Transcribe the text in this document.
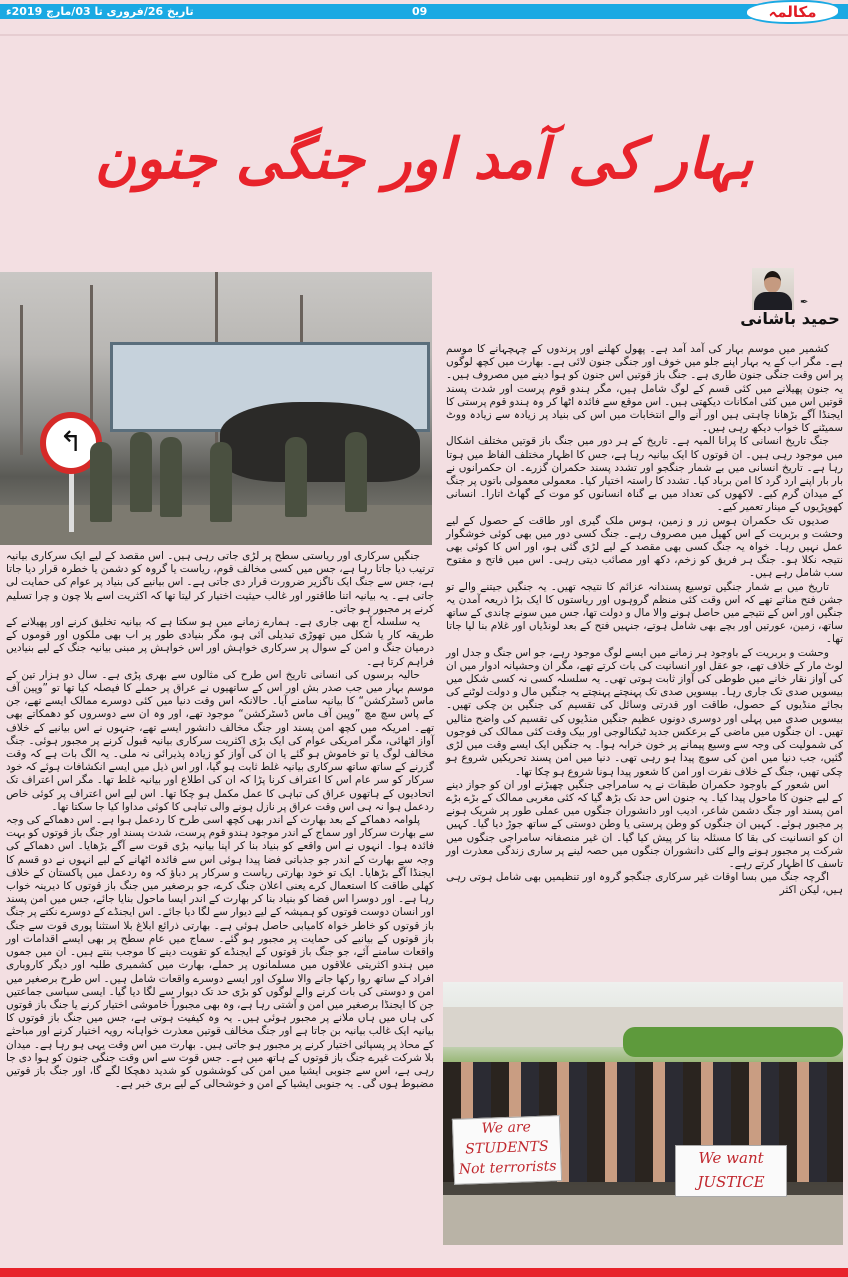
تاریخ 26/فروری تا 03/مارچ 2019ء	09	مکالمہ
بہار کی آمد اور جنگی جنون
↰
✒
حمید باشانی

کشمیر میں موسم بہار کی آمد آمد ہے۔ پھول کھلنے اور پرندوں کے چہچہانے کا موسم ہے۔ مگر اب کے یہ بہار اپنے جلو میں خوف اور جنگی جنون لائی ہے۔ بھارت میں کچھ لوگوں پر اس وقت جنگی جنون طاری ہے۔ جنگ باز قوتیں اس جنون کو ہوا دینے میں مصروف ہیں۔ یہ جنون پھیلانے میں کئی قسم کے لوگ شامل ہیں، مگر ہندو قوم پرست اور شدت پسند قوتیں اس میں کئی امکانات دیکھتی ہیں۔ اس موقع سے فائدہ اٹھا کر وہ ہندو قوم پرستی کا ایجنڈا آگے بڑھانا چاہتی ہیں اور آنے والے انتخابات میں اس کی بنیاد پر زیادہ سے زیادہ ووٹ سمیٹنے کا خواب دیکھ رہی ہیں۔

جنگ تاریخ انسانی کا پرانا المیہ ہے۔ تاریخ کے ہر دور میں جنگ باز قوتیں مختلف اشکال میں موجود رہی ہیں۔ ان قوتوں کا ایک بیانیہ رہا ہے، جس کا اظہار مختلف الفاظ میں ہوتا رہا ہے۔ تاریخ انسانی میں بے شمار جنگجو اور تشدد پسند حکمران گزرے۔ ان حکمرانوں نے بار بار اپنے ارد گرد کا امن برباد کیا۔ تشدد کا راستہ اختیار کیا۔ معمولی معمولی باتوں پر جنگ کے میدان گرم کیے۔ لاکھوں کی تعداد میں بے گناہ انسانوں کو موت کے گھاٹ اتارا۔ انسانی کھوپڑیوں کے مینار تعمیر کیے۔

صدیوں تک حکمران ہوس زر و زمین، ہوس ملک گیری اور طاقت کے حصول کے لیے وحشت و بربریت کے اس کھیل میں مصروف رہے۔ جنگ کسی دور میں بھی کوئی خوشگوار عمل نہیں رہا۔ خواہ یہ جنگ کسی بھی مقصد کے لیے لڑی گئی ہو، اور اس کا کوئی بھی نتیجہ نکلا ہو۔ جنگ ہر فریق کو زخم، دکھ اور مصائب دیتی رہی۔ اس میں فاتح و مفتوح سب شامل رہے ہیں۔

تاریخ میں بے شمار جنگیں توسیع پسندانہ عزائم کا نتیجہ تھیں۔ یہ جنگیں جیتنے والے تو جشن فتح مناتے تھے کہ اس وقت کئی منظم گروہوں اور ریاستوں کا ایک بڑا ذریعہ آمدن یہ جنگیں اور اس کے نتیجے میں حاصل ہونے والا مال و دولت تھا، جس میں سونے چاندی کے ساتھ ساتھ، زمین، عورتیں اور بچے بھی شامل ہوتے، جنہیں فتح کے بعد لونڈیاں اور غلام بنا لیا جاتا تھا۔

وحشت و بربریت کے باوجود ہر زمانے میں ایسے لوگ موجود رہے، جو اس جنگ و جدل اور لوٹ مار کے خلاف تھے، جو عقل اور انسانیت کی بات کرتے تھے، مگر ان وحشیانہ ادوار میں ان کی آواز نقار خانے میں طوطی کی آواز ثابت ہوتی تھی۔ یہ سلسلہ کسی نہ کسی شکل میں بیسویں صدی تک جاری رہا۔ بیسویں صدی تک پہنچتے پہنچتے یہ جنگیں مال و دولت لوٹنے کی بجائے منڈیوں کے حصول، طاقت اور قدرتی وسائل کی تقسیم کی جنگیں بن چکی تھیں۔ بیسویں صدی میں پہلی اور دوسری دونوں عظیم جنگیں منڈیوں کی تقسیم کی واضح مثالیں تھیں۔ ان جنگوں میں ماضی کے برعکس جدید ٹیکنالوجی اور بیک وقت کئی ممالک کی فوجوں کی شمولیت کی وجہ سے وسیع پیمانے پر خون خرابہ ہوا۔ یہ جنگیں ایک ایسے وقت میں لڑی گئیں، جب دنیا میں امن کی سوچ پیدا ہو رہی تھی۔ دنیا میں امن پسند تحریکیں شروع ہو چکی تھیں، جنگ کے خلاف نفرت اور امن کا شعور پیدا ہونا شروع ہو چکا تھا۔

اس شعور کے باوجود حکمران طبقات نے یہ سامراجی جنگیں چھیڑنے اور ان کو جواز دینے کے لیے جنون کا ماحول پیدا کیا۔ یہ جنون اس حد تک بڑھ گیا کہ کئی مغربی ممالک کے بڑے بڑے امن پسند اور جنگ دشمن شاعر، ادیب اور دانشوران جنگوں میں عملی طور پر شریک ہونے پر مجبور ہوئے۔ کہیں ان جنگوں کو وطن پرستی یا وطن دوستی کے ساتھ جوڑ دیا گیا۔ کہیں ان کو انسانیت کی بقا کا مسئلہ بنا کر پیش کیا گیا۔ ان غیر منصفانہ سامراجی جنگوں میں شرکت پر مجبور ہونے والے کئی دانشوران جنگوں میں حصہ لینے پر ساری زندگی معذرت اور تاسف کا اظہار کرتے رہے۔

اگرچہ جنگ میں بسا اوقات غیر سرکاری جنگجو گروہ اور تنظیمیں بھی شامل ہوتی رہی ہیں، لیکن اکثر

جنگیں سرکاری اور ریاستی سطح پر لڑی جاتی رہی ہیں۔ اس مقصد کے لیے ایک سرکاری بیانیہ ترتیب دیا جاتا رہا ہے، جس میں کسی مخالف قوم، ریاست یا گروہ کو دشمن یا خطرہ قرار دیا جاتا ہے، جس سے جنگ ایک ناگزیر ضرورت قرار دی جاتی ہے۔ اس بیانیے کی بنیاد پر عوام کی حمایت لی جاتی ہے۔ یہ بیانیہ اتنا طاقتور اور غالب حیثیت اختیار کر لیتا تھا کہ اکثریت اسے بلا چون و چرا تسلیم کرنے پر مجبور ہو جاتی۔

یہ سلسلہ آج بھی جاری ہے۔ ہمارے زمانے میں ہو سکتا ہے کہ بیانیہ تخلیق کرنے اور پھیلانے کے طریقہ کار یا شکل میں تھوڑی تبدیلی آئی ہو، مگر بنیادی طور پر اب بھی ملکوں اور قوموں کے درمیان جنگ و امن کے سوال پر سرکاری خواہش اور اس خواہش پر مبنی بیانیہ جنگ کے لیے بنیادیں فراہم کرتا ہے۔

حالیہ برسوں کی انسانی تاریخ اس طرح کی مثالوں سے بھری پڑی ہے۔ سال دو ہزار تین کے موسم بہار میں جب صدر بش اور اس کے ساتھیوں نے عراق پر حملے کا فیصلہ کیا تھا تو ”وپین آف ماس ڈسٹرکشن“ کا بیانیہ سامنے آیا۔ حالانکہ اس وقت دنیا میں کئی دوسرے ممالک ایسے تھے، جن کے پاس سچ مچ ”وپین آف ماس ڈسٹرکشن“ موجود تھے، اور وہ ان سے دوسروں کو دھمکاتے بھی تھے۔ امریکہ میں کچھ امن پسند اور جنگ مخالف دانشور ایسے تھے، جنہوں نے اس بیانیے کے خلاف آواز اٹھائی، مگر امریکی عوام کی ایک بڑی اکثریت سرکاری بیانیہ قبول کرنے پر مجبور ہوئی۔ جنگ مخالف لوگ یا تو خاموش ہو گئے یا ان کی آواز کو زیادہ پذیرائی نہ ملی۔ یہ الگ بات ہے کہ وقت گزرنے کے ساتھ ساتھ سرکاری بیانیہ غلط ثابت ہو گیا، اور اس ذیل میں ایسے انکشافات ہوئے کہ خود سرکار کو سر عام اس کا اعتراف کرنا پڑا کہ ان کی اطلاع اور بیانیہ غلط تھا۔ مگر اس اعتراف تک اتحادیوں کے ہاتھوں عراق کی تباہی کا عمل مکمل ہو چکا تھا۔ اس لیے اس اعتراف پر کوئی خاص ردعمل ہوا نہ ہی اس وقت عراق پر نازل ہونے والی تباہی کا کوئی مداوا کیا جا سکتا تھا۔

پلوامہ دھماکے کے بعد بھارت کے اندر بھی کچھ اسی طرح کا ردعمل ہوا ہے۔ اس دھماکے کی وجہ سے بھارت سرکار اور سماج کے اندر موجود ہندو قوم پرست، شدت پسند اور جنگ باز قوتوں کو بہت فائدہ ہوا۔ انہوں نے اس واقعے کو بنیاد بنا کر اپنا بیانیہ بڑی قوت سے آگے بڑھایا۔ اس دھماکے کی وجہ سے بھارت کے اندر جو جذباتی فضا پیدا ہوئی اس سے فائدہ اٹھانے کے لیے انہوں نے دو قسم کا ایجنڈا آگے بڑھایا۔ ایک تو خود بھارتی ریاست و سرکار پر دباؤ کہ وہ ردعمل میں پاکستان کے خلاف کھلی طاقت کا استعمال کرے یعنی اعلان جنگ کرے، جو برصغیر میں جنگ باز قوتوں کا دیرینہ خواب رہا ہے۔ اور دوسرا اس فضا کو بنیاد بنا کر بھارت کے اندر ایسا ماحول بنایا جائے، جس میں امن پسند اور انسان دوست قوتوں کو ہمیشہ کے لیے دیوار سے لگا دیا جائے۔ اس ایجنڈے کے دوسرے نکتے پر جنگ باز قوتوں کو خاطر خواہ کامیابی حاصل ہوئی ہے۔ بھارتی ذرائع ابلاغ بلا استثنا پوری قوت سے جنگ باز قوتوں کے بیانیے کی حمایت پر مجبور ہو گئے۔ سماج میں عام سطح پر بھی ایسے اقدامات اور واقعات سامنے آئے، جو جنگ باز قوتوں کے ایجنڈے کو تقویت دینے کا موجب بنتے ہیں۔ ان میں جموں میں ہندو اکثریتی علاقوں میں مسلمانوں پر حملے، بھارت میں کشمیری طلبہ اور دیگر کاروباری افراد کے ساتھ روا رکھا جانے والا سلوک اور ایسے دوسرے واقعات شامل ہیں۔ اس طرح برصغیر میں امن و دوستی کی بات کرنے والے لوگوں کو بڑی حد تک دیوار سے لگا دیا گیا۔ ایسی سیاسی جماعتیں جن کا ایجنڈا برصغیر میں امن و آشتی رہا ہے، وہ بھی مجبوراً خاموشی اختیار کرنے یا جنگ باز قوتوں کی ہاں میں ہاں ملانے پر مجبور ہوئی ہیں۔ یہ وہ کیفیت ہوتی ہے، جس میں جنگ باز قوتوں کا بیانیہ ایک غالب بیانیہ بن جاتا ہے اور جنگ مخالف قوتیں معذرت خواہانہ رویہ اختیار کرنے اور مباحثے کے محاذ پر پسپائی اختیار کرنے پر مجبور ہو جاتی ہیں۔ بھارت میں اس وقت یہی ہو رہا ہے۔ میدان بلا شرکت غیرے جنگ باز قوتوں کے ہاتھ میں ہے۔ جس قوت سے اس وقت جنگی جنون کو ہوا دی جا رہی ہے، اس سے جنوبی ایشیا میں امن کی کوششوں کو شدید دھچکا لگے گا، اور جنگ باز قوتیں مضبوط ہوں گی۔ یہ جنوبی ایشیا کے امن و خوشحالی کے لیے بری خبر ہے۔

We are STUDENTS Not terrorists
We want JUSTICE
